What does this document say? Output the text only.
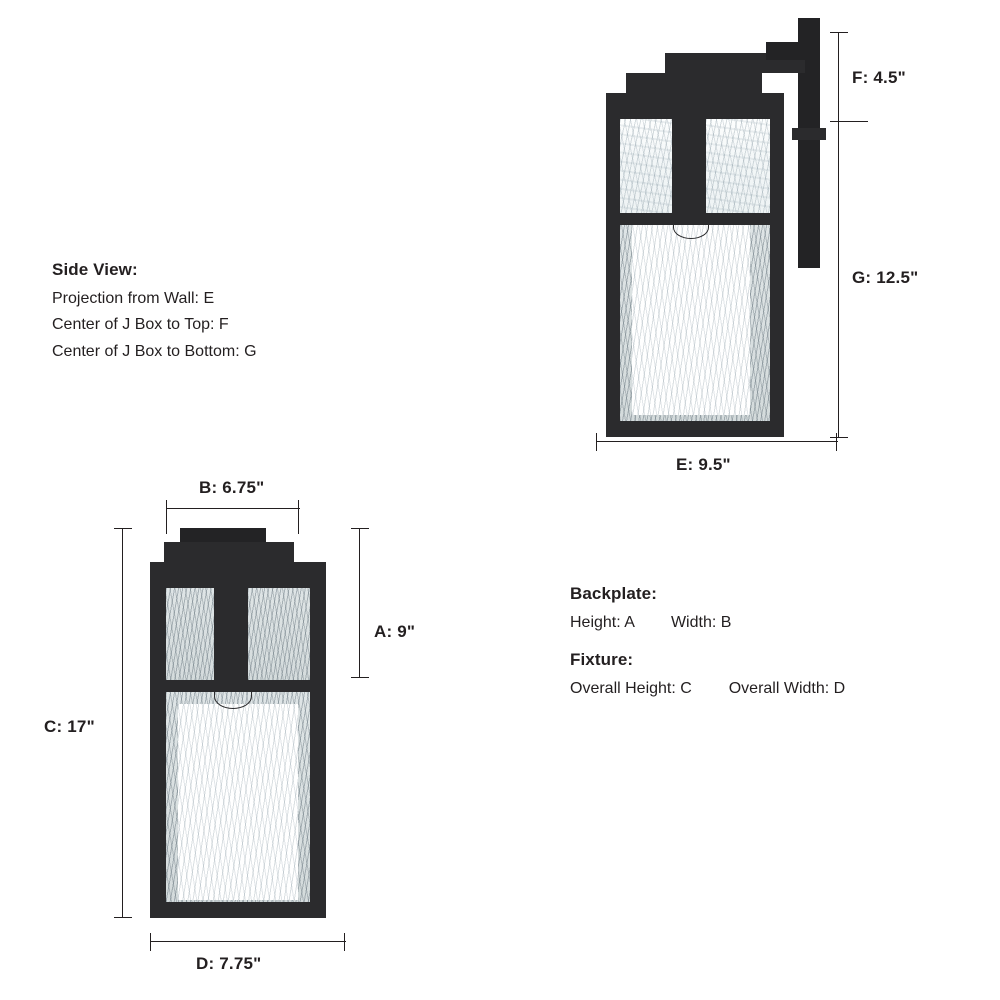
F: 4.5"
G: 12.5"
E: 9.5"
Side View:
Projection from Wall: E
Center of J Box to Top: F
Center of J Box to Bottom: G
Backplate:
Height: A Width: B
Fixture:
Overall Height: C Overall Width: D
B: 6.75"
A: 9"
C: 17"
D: 7.75"
